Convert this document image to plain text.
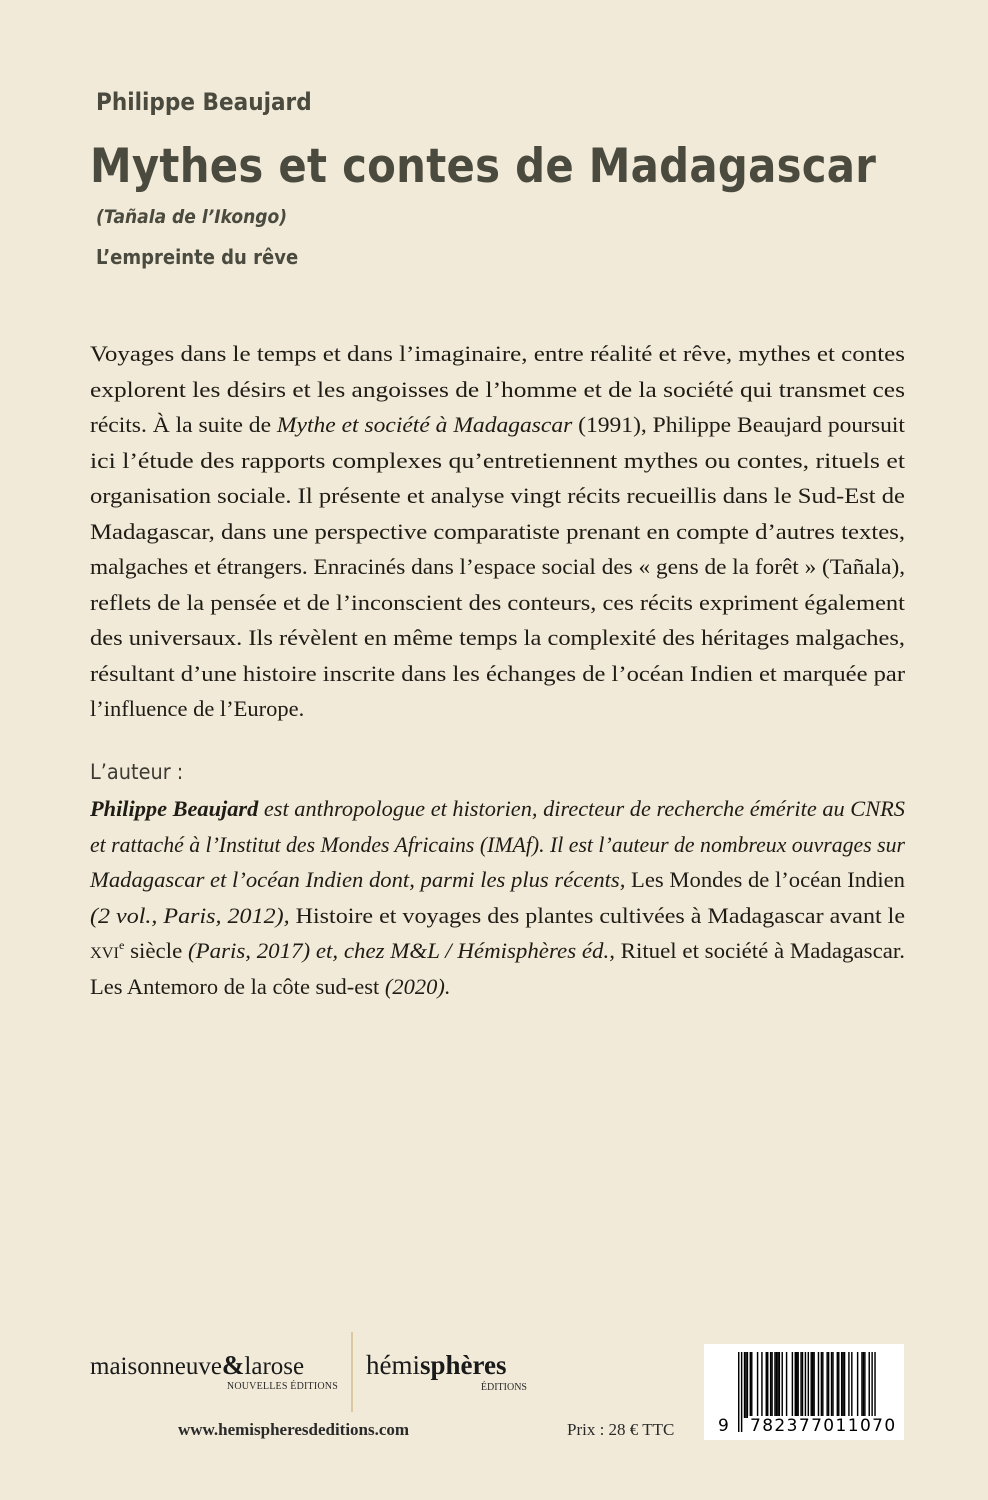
Philippe Beaujard
Mythes et contes de Madagascar
(Tañala de l’Ikongo)
L’empreinte du rêve
Voyages dans le temps et dans l’imaginaire, entre réalité et rêve, mythes et contes
explorent les désirs et les angoisses de l’homme et de la société qui transmet ces
récits. À la suite de Mythe et société à Madagascar (1991), Philippe Beaujard poursuit
ici l’étude des rapports complexes qu’entretiennent mythes ou contes, rituels et
organisation sociale. Il présente et analyse vingt récits recueillis dans le Sud-Est de
Madagascar, dans une perspective comparatiste prenant en compte d’autres textes,
malgaches et étrangers. Enracinés dans l’espace social des « gens de la forêt » (Tañala),
reflets de la pensée et de l’inconscient des conteurs, ces récits expriment également
des universaux. Ils révèlent en même temps la complexité des héritages malgaches,
résultant d’une histoire inscrite dans les échanges de l’océan Indien et marquée par
l’influence de l’Europe.
L’auteur :
Philippe Beaujard est anthropologue et historien, directeur de recherche émérite au CNRS
et rattaché à l’Institut des Mondes Africains (IMAf). Il est l’auteur de nombreux ouvrages sur
Madagascar et l’océan Indien dont, parmi les plus récents, Les Mondes de l’océan Indien
(2 vol., Paris, 2012), Histoire et voyages des plantes cultivées à Madagascar avant le
xvi$^e$ siècle (Paris, 2017) et, chez M&L / Hémisphères éd., Rituel et société à Madagascar.
Les Antemoro de la côte sud-est (2020).
maisonneuve&larose
NOUVELLES ÉDITIONS
hémisphères
ÉDITIONS
www.hemispheresdeditions.com	Prix : 28 € TTC	9 782377011070
